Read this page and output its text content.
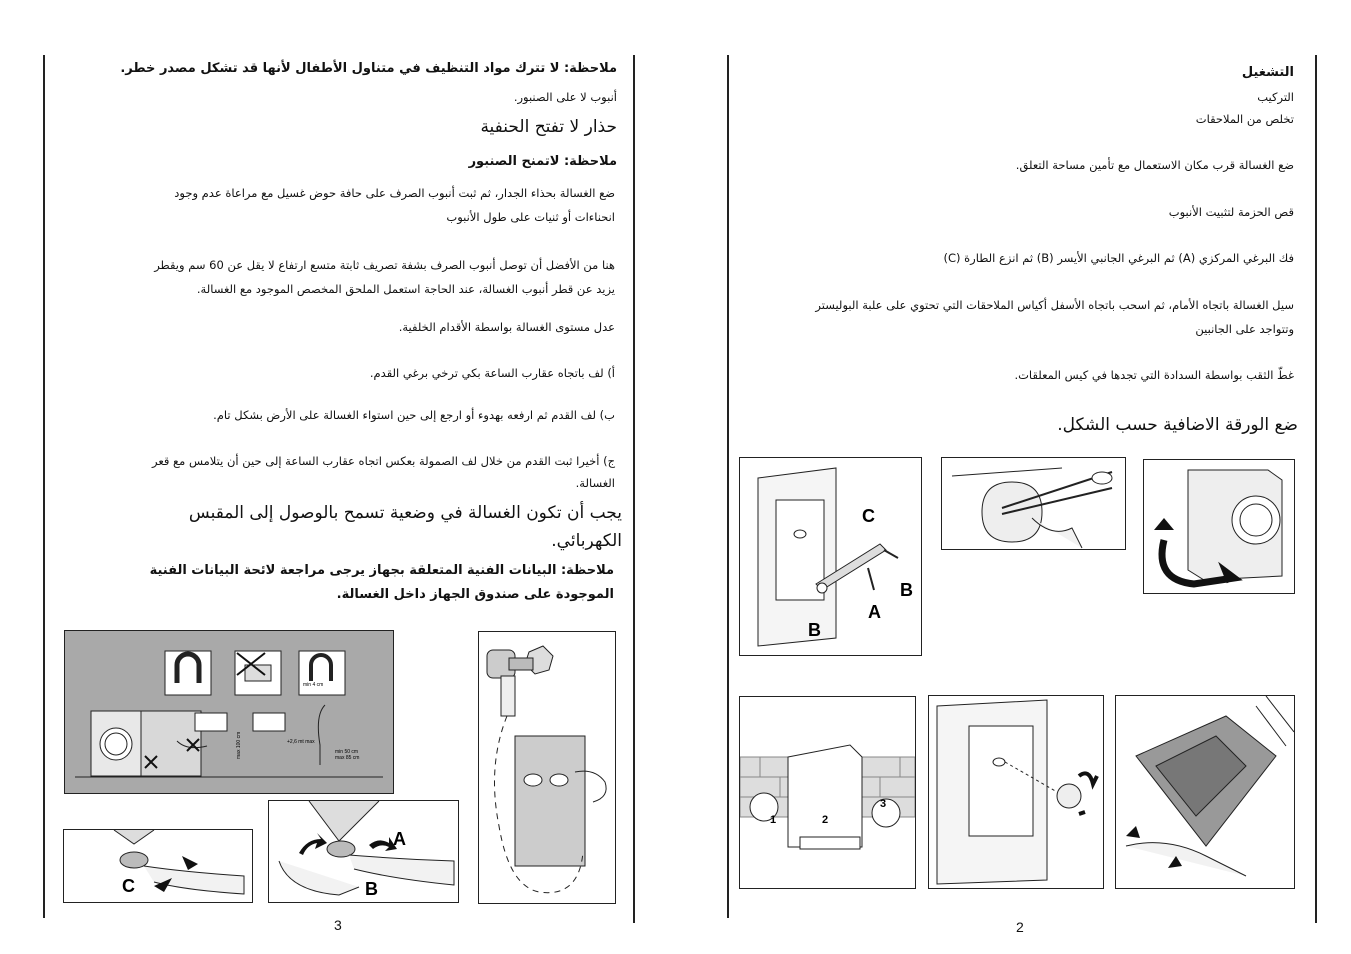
ملاحظة: لا تترك مواد التنظيف في متناول الأطفال لأنها قد تشكل مصدر خطر.
أنبوب لا على الصنبور.
حذار لا تفتح الحنفية
ملاحظة: لاتمنح الصنبور
ضع الغسالة بحذاء الجدار، ثم ثبت أنبوب الصرف على حافة حوض غسيل مع مراعاة عدم وجود
انحناءات أو ثنيات على طول الأنبوب
هنا من الأفضل أن توصل أنبوب الصرف بشفة تصريف ثابتة متسع ارتفاع لا يقل عن 60 سم ويقطر
يزيد عن قطر أنبوب الغسالة، عند الحاجة استعمل الملحق المخصص الموجود مع الغسالة.
عدل مستوى الغسالة بواسطة الأقدام الخلفية.
أ) لف باتجاه عقارب الساعة بكي ترخي برغي القدم.
ب) لف القدم ثم ارفعه بهدوء أو ارجع إلى حين استواء الغسالة على الأرض بشكل تام.
ج) أخيرا ثبت القدم من خلال لف الصمولة بعكس اتجاه عقارب الساعة إلى حين أن يتلامس مع قعر
الغسالة.
يجب أن تكون الغسالة في وضعية تسمح بالوصول إلى المقبس
الكهربائي.
ملاحظة: البيانات الفنية المتعلقة بجهاز يرجى مراجعة لائحة البيانات الفنية
الموجودة على صندوق الجهاز داخل الغسالة.
min 4 cm
max 100 cm	+2,6 mt max
min 50 cm
max 85 cm
C
A
B
3
التشغيل
التركيب
تخلص من الملاحقات
ضع الغسالة قرب مكان الاستعمال مع تأمين مساحة التعلق.
قص الحزمة لتثبيت الأنبوب
فك البرغي المركزي (A) ثم البرغي الجانبي الأيسر (B) ثم انزع الطارة (C)
سيل الغسالة باتجاه الأمام، ثم اسحب باتجاه الأسفل أكياس الملاحقات التي تحتوي على علبة البوليستر
وتتواجد على الجانبين
غطّ الثقب بواسطة السدادة التي تجدها في كيس المعلقات.
ضع الورقة الاضافية حسب الشكل.
C
A
B
B
1	2
3
2
